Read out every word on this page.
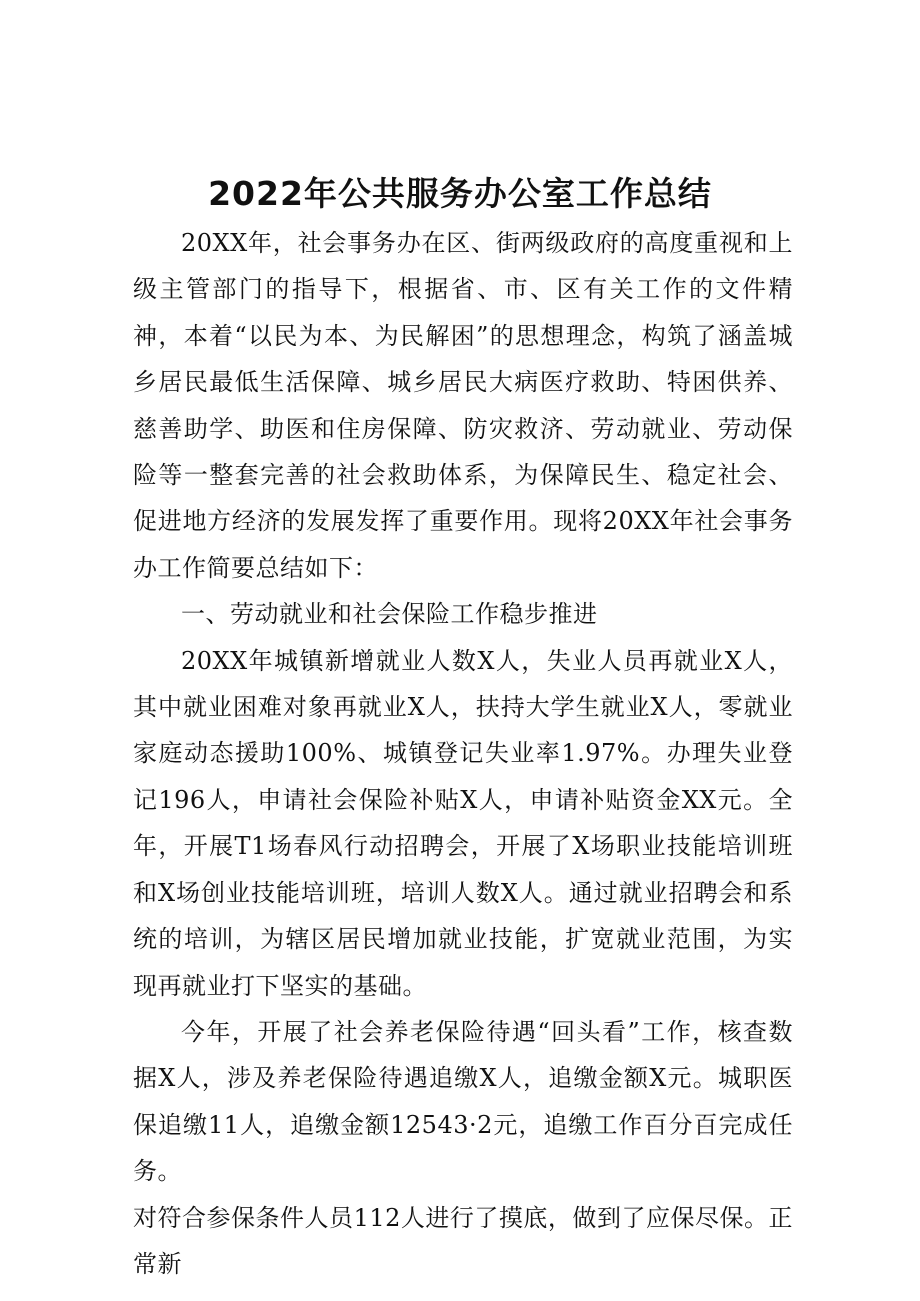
2022年公共服务办公室工作总结

20XX年，社会事务办在区、街两级政府的高度重视和上级主管部门的指导下，根据省、市、区有关工作的文件精神，本着“以民为本、为民解困”的思想理念，构筑了涵盖城乡居民最低生活保障、城乡居民大病医疗救助、特困供养、慈善助学、助医和住房保障、防灾救济、劳动就业、劳动保险等一整套完善的社会救助体系，为保障民生、稳定社会、促进地方经济的发展发挥了重要作用。现将20XX年社会事务办工作简要总结如下：

一、劳动就业和社会保险工作稳步推进

20XX年城镇新增就业人数X人，失业人员再就业X人，其中就业困难对象再就业X人，扶持大学生就业X人，零就业家庭动态援助100%、城镇登记失业率1.97%。办理失业登记196人，申请社会保险补贴X人，申请补贴资金XX元。全年，开展T1场春风行动招聘会，开展了X场职业技能培训班和X场创业技能培训班，培训人数X人。通过就业招聘会和系统的培训，为辖区居民增加就业技能，扩宽就业范围，为实现再就业打下坚实的基础。

今年，开展了社会养老保险待遇“回头看”工作，核查数据X人，涉及养老保险待遇追缴X人，追缴金额X元。城职医保追缴11人，追缴金额12543·2元，追缴工作百分百完成任务。

对符合参保条件人员112人进行了摸底，做到了应保尽保。正常新
